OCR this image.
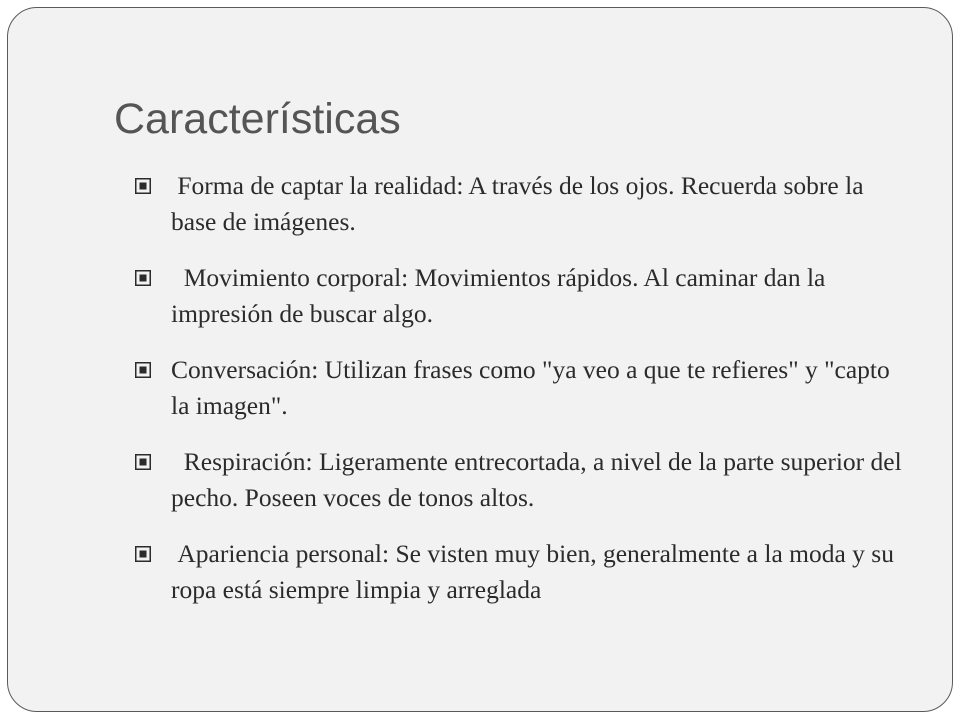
Características
Forma de captar la realidad: A través de los ojos. Recuerda sobre la base de imágenes.
Movimiento corporal: Movimientos rápidos. Al caminar dan la impresión de buscar algo.
Conversación: Utilizan frases como "ya veo a que te refieres" y "capto la imagen".
Respiración: Ligeramente entrecortada, a nivel de la parte superior del pecho. Poseen voces de tonos altos.
Apariencia personal: Se visten muy bien, generalmente a la moda y su ropa está siempre limpia y arreglada
